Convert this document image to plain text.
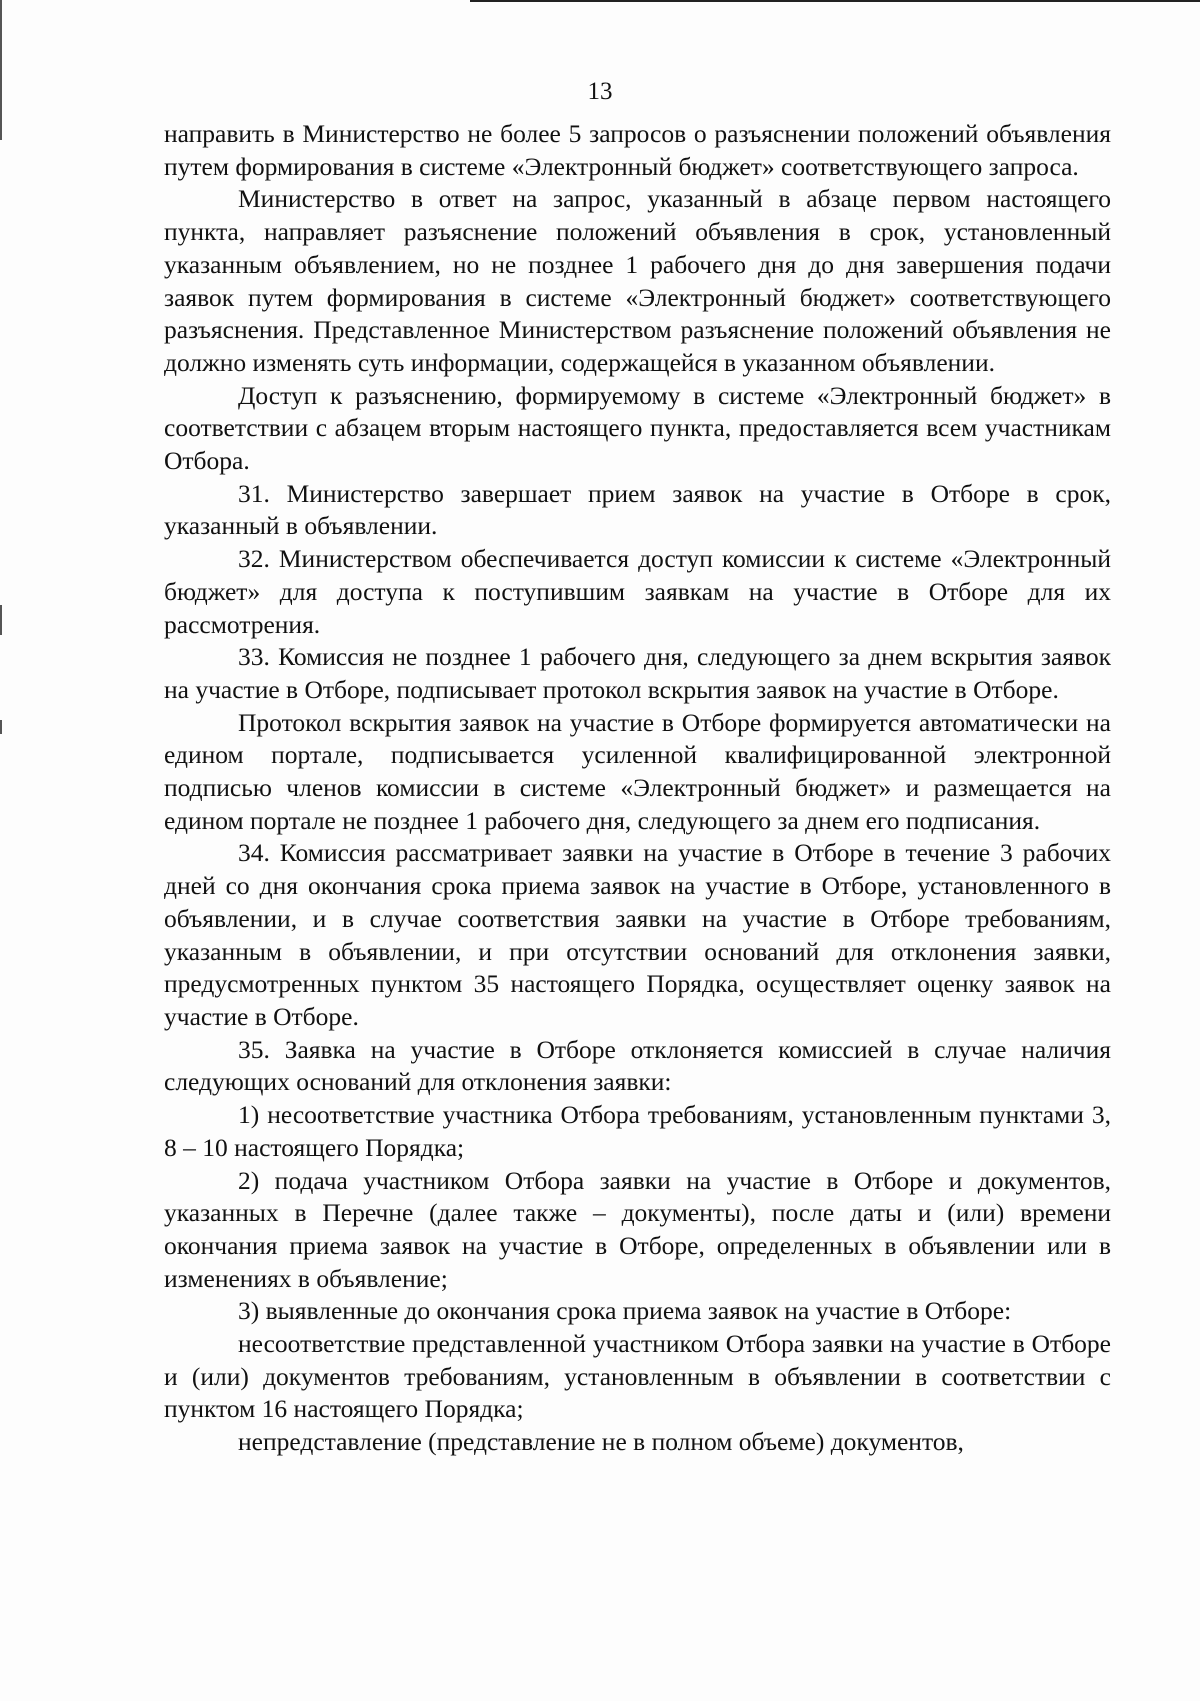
13

направить в Министерство не более 5 запросов о разъяснении положений объявления путем формирования в системе «Электронный бюджет» соответствующего запроса.

Министерство в ответ на запрос, указанный в абзаце первом настоящего пункта, направляет разъяснение положений объявления в срок, установленный указанным объявлением, но не позднее 1 рабочего дня до дня завершения подачи заявок путем формирования в системе «Электронный бюджет» соответствующего разъяснения. Представленное Министерством разъяснение положений объявления не должно изменять суть информации, содержащейся в указанном объявлении.

Доступ к разъяснению, формируемому в системе «Электронный бюджет» в соответствии с абзацем вторым настоящего пункта, предоставляется всем участникам Отбора.

31. Министерство завершает прием заявок на участие в Отборе в срок, указанный в объявлении.

32. Министерством обеспечивается доступ комиссии к системе «Электронный бюджет» для доступа к поступившим заявкам на участие в Отборе для их рассмотрения.

33. Комиссия не позднее 1 рабочего дня, следующего за днем вскрытия заявок на участие в Отборе, подписывает протокол вскрытия заявок на участие в Отборе.

Протокол вскрытия заявок на участие в Отборе формируется автоматически на едином портале, подписывается усиленной квалифицированной электронной подписью членов комиссии в системе «Электронный бюджет» и размещается на едином портале не позднее 1 рабочего дня, следующего за днем его подписания.

34. Комиссия рассматривает заявки на участие в Отборе в течение 3 рабочих дней со дня окончания срока приема заявок на участие в Отборе, установленного в объявлении, и в случае соответствия заявки на участие в Отборе требованиям, указанным в объявлении, и при отсутствии оснований для отклонения заявки, предусмотренных пунктом 35 настоящего Порядка, осуществляет оценку заявок на участие в Отборе.

35. Заявка на участие в Отборе отклоняется комиссией в случае наличия следующих оснований для отклонения заявки:

1) несоответствие участника Отбора требованиям, установленным пунктами 3, 8 – 10 настоящего Порядка;

2) подача участником Отбора заявки на участие в Отборе и документов, указанных в Перечне (далее также – документы), после даты и (или) времени окончания приема заявок на участие в Отборе, определенных в объявлении или в изменениях в объявление;

3) выявленные до окончания срока приема заявок на участие в Отборе:

несоответствие представленной участником Отбора заявки на участие в Отборе и (или) документов требованиям, установленным в объявлении в соответствии с пунктом 16 настоящего Порядка;

непредставление (представление не в полном объеме) документов,
